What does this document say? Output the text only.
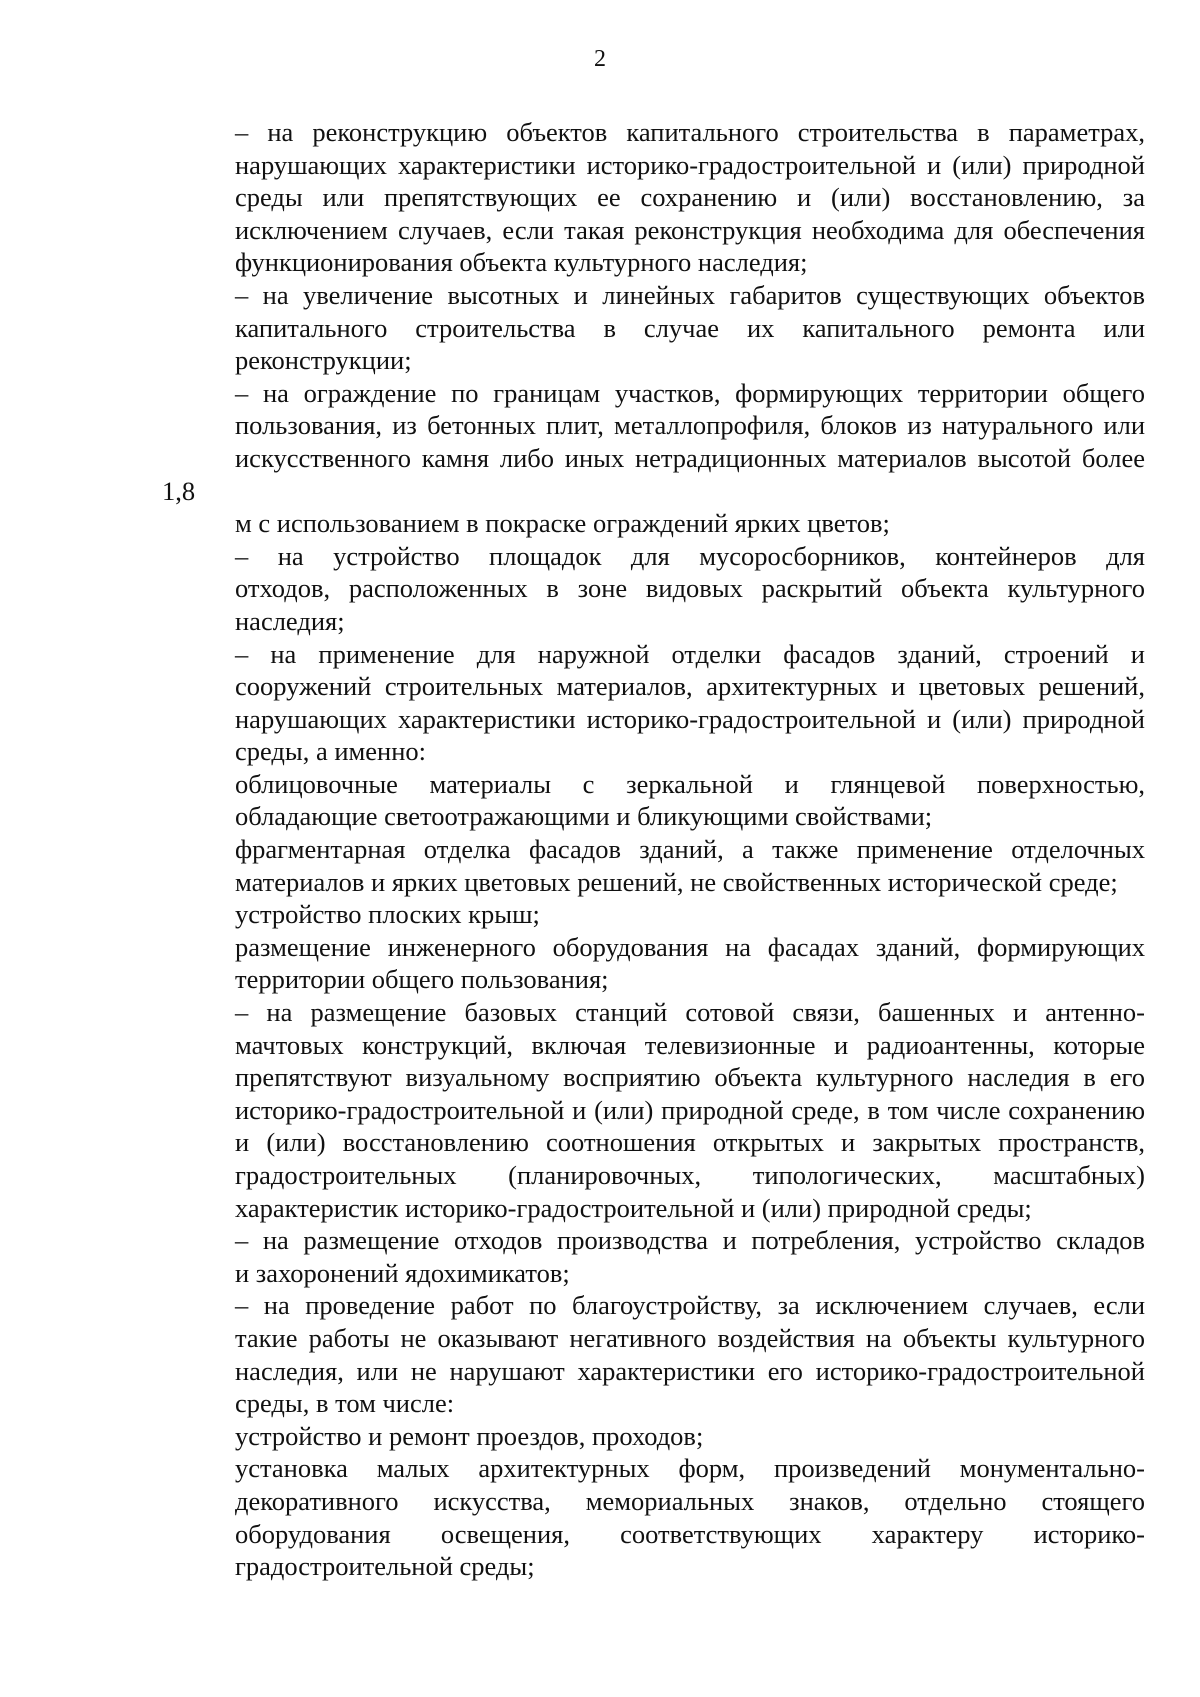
2

– на реконструкцию объектов капитального строительства в параметрах,
нарушающих характеристики историко-градостроительной и (или) природной
среды или препятствующих ее сохранению и (или) восстановлению, за
исключением случаев, если такая реконструкция необходима для обеспечения
функционирования объекта культурного наследия;

– на увеличение высотных и линейных габаритов существующих объектов
капитального строительства в случае их капитального ремонта или
реконструкции;

– на ограждение по границам участков, формирующих территории общего
пользования, из бетонных плит, металлопрофиля, блоков из натурального или
искусственного камня либо иных нетрадиционных материалов высотой более 1,8
м с использованием в покраске ограждений ярких цветов;

– на устройство площадок для мусоросборников, контейнеров для
отходов, расположенных в зоне видовых раскрытий объекта культурного
наследия;

– на применение для наружной отделки фасадов зданий, строений и
сооружений строительных материалов, архитектурных и цветовых решений,
нарушающих характеристики историко-градостроительной и (или) природной
среды, а именно:

облицовочные материалы с зеркальной и глянцевой поверхностью,
обладающие светоотражающими и бликующими свойствами;

фрагментарная отделка фасадов зданий, а также применение отделочных
материалов и ярких цветовых решений, не свойственных исторической среде;

устройство плоских крыш;

размещение инженерного оборудования на фасадах зданий, формирующих
территории общего пользования;

– на размещение базовых станций сотовой связи, башенных и антенно-
мачтовых конструкций, включая телевизионные и радиоантенны, которые
препятствуют визуальному восприятию объекта культурного наследия в его
историко-градостроительной и (или) природной среде, в том числе сохранению
и (или) восстановлению соотношения открытых и закрытых пространств,
градостроительных (планировочных, типологических, масштабных)
характеристик историко-градостроительной и (или) природной среды;

– на размещение отходов производства и потребления, устройство складов
и захоронений ядохимикатов;

– на проведение работ по благоустройству, за исключением случаев, если
такие работы не оказывают негативного воздействия на объекты культурного
наследия, или не нарушают характеристики его историко-градостроительной
среды, в том числе:

устройство и ремонт проездов, проходов;

установка малых архитектурных форм, произведений монументально-
декоративного искусства, мемориальных знаков, отдельно стоящего
оборудования освещения, соответствующих характеру историко-
градостроительной среды;
